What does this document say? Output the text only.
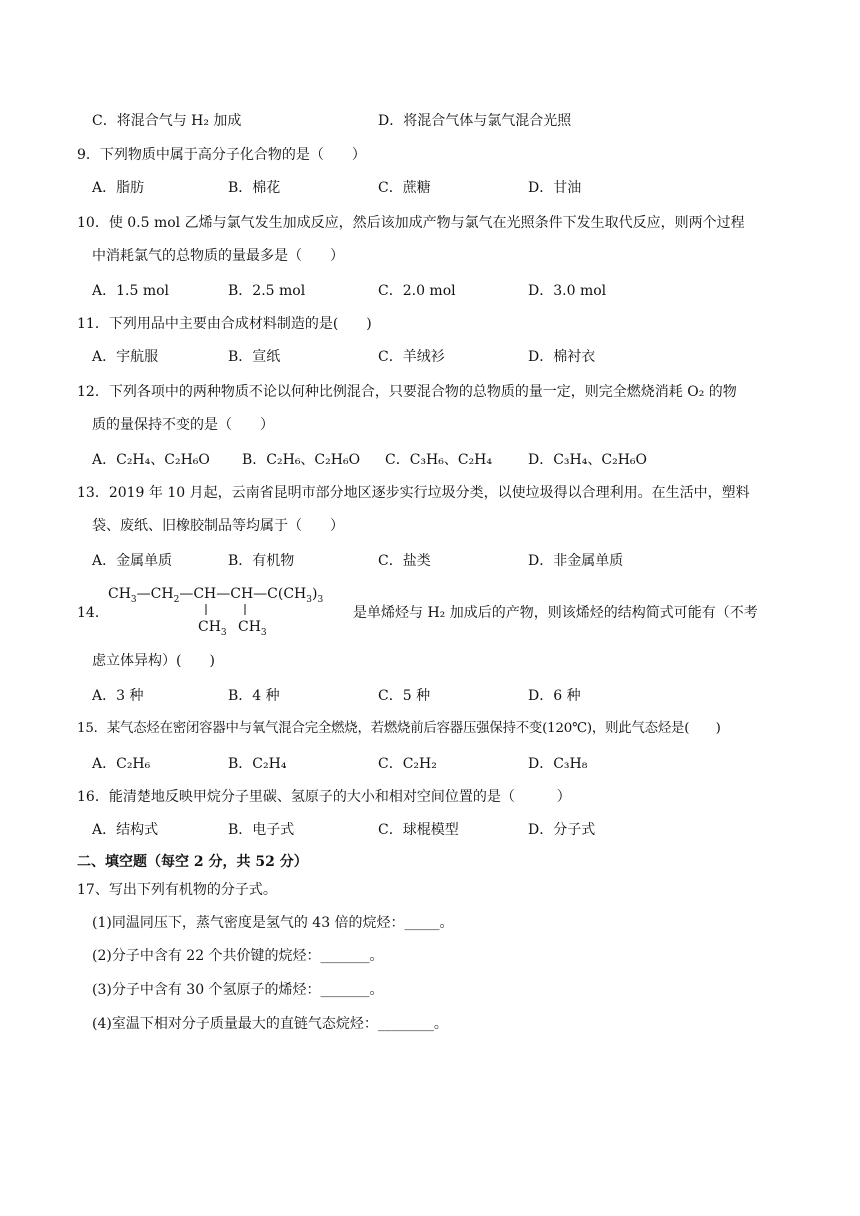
C．将混合气与 H₂ 加成	D．将混合气体与氯气混合光照
9．下列物质中属于高分子化合物的是（　　）
A．脂肪	B．棉花	C．蔗糖	D．甘油
10．使 0.5 mol 乙烯与氯气发生加成反应，然后该加成产物与氯气在光照条件下发生取代反应，则两个过程
中消耗氯气的总物质的量最多是（　　）
A．1.5 mol	B．2.5 mol	C．2.0 mol	D．3.0 mol
11．下列用品中主要由合成材料制造的是(　　)
A．宇航服	B．宣纸	C．羊绒衫	D．棉衬衣
12．下列各项中的两种物质不论以何种比例混合，只要混合物的总物质的量一定，则完全燃烧消耗 O₂ 的物
质的量保持不变的是（　　）
A．C₂H₄、C₂H₆O B．C₂H₆、C₂H₆O C．C₃H₆、C₂H₄	D．C₃H₄、C₂H₆O
13．2019 年 10 月起，云南省昆明市部分地区逐步实行垃圾分类，以使垃圾得以合理利用。在生活中，塑料
袋、废纸、旧橡胶制品等均属于（　　）
A．金属单质	B．有机物	C．盐类	D．非金属单质
14．
$CH_3—CH_2—CH—CH—C(CH_3)_3$
$CH_3$ $CH_3$
是单烯烃与 H₂ 加成后的产物，则该烯烃的结构简式可能有（不考
虑立体异构）(　　)
A．3 种	B．4 种	C．5 种	D．6 种
15．某气态烃在密闭容器中与氧气混合完全燃烧，若燃烧前后容器压强保持不变(120℃)，则此气态烃是(　　)
A．C₂H₆	B．C₂H₄	C．C₂H₂	D．C₃H₈
16．能清楚地反映甲烷分子里碳、氢原子的大小和相对空间位置的是（　　　）
A．结构式	B．电子式	C．球棍模型	D．分子式
二、填空题（每空 2 分，共 52 分）
17、写出下列有机物的分子式。
(1)同温同压下，蒸气密度是氢气的 43 倍的烷烃：_____。
(2)分子中含有 22 个共价键的烷烃：_______。
(3)分子中含有 30 个氢原子的烯烃：_______。
(4)室温下相对分子质量最大的直链气态烷烃：________。
